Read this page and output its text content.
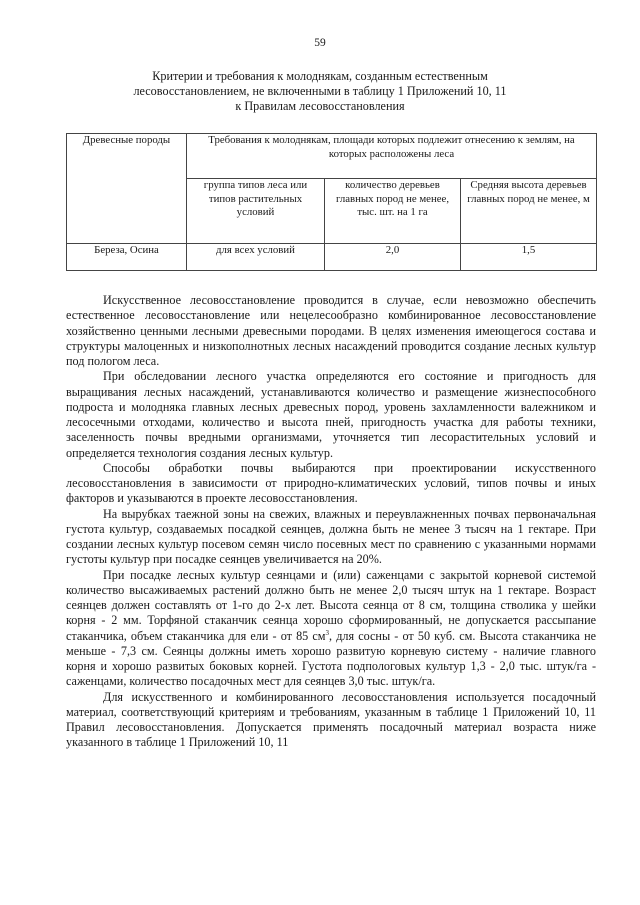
59
Критерии и требования к молоднякам, созданным естественным
лесовосстановлением, не включенными в таблицу 1 Приложений 10, 11
к Правилам лесовосстановления
Древесные породы	Требования к молоднякам, площади которых подлежит отнесению к землям, на которых расположены леса		
	группа типов леса или типов растительных условий	количество деревьев главных пород не менее, тыс. шт. на 1 га	Средняя высота деревьев главных пород не менее, м
Береза, Осина	для всех условий	2,0	1,5

Искусственное лесовосстановление проводится в случае, если невозможно обеспечить естественное лесовосстановление или нецелесообразно комбинированное лесовосстановление хозяйственно ценными лесными древесными породами. В целях изменения имеющегося состава и структуры малоценных и низкополнотных лесных насаждений проводится создание лесных культур под пологом леса.

При обследовании лесного участка определяются его состояние и пригодность для выращивания лесных насаждений, устанавливаются количество и размещение жизнеспособного подроста и молодняка главных лесных древесных пород, уровень захламленности валежником и лесосечными отходами, количество и высота пней, пригодность участка для работы техники, заселенность почвы вредными организмами, уточняется тип лесорастительных условий и определяется технология создания лесных культур.

Способы обработки почвы выбираются при проектировании искусственного лесовосстановления в зависимости от природно-климатических условий, типов почвы и иных факторов и указываются в проекте лесовосстановления.

На вырубках таежной зоны на свежих, влажных и переувлажненных почвах первоначальная густота культур, создаваемых посадкой сеянцев, должна быть не менее 3 тысяч на 1 гектаре. При создании лесных культур посевом семян число посевных мест по сравнению с указанными нормами густоты культур при посадке сеянцев увеличивается на 20%.

При посадке лесных культур сеянцами и (или) саженцами с закрытой корневой системой количество высаживаемых растений должно быть не менее 2,0 тысяч штук на 1 гектаре. Возраст сеянцев должен составлять от 1-го до 2-х лет. Высота сеянца от 8 см, толщина стволика у шейки корня - 2 мм. Торфяной стаканчик сеянца хорошо сформированный, не допускается рассыпание стаканчика, объем стаканчика для ели - от 85 $см^3$, для сосны - от 50 куб. см. Высота стаканчика не меньше - 7,3 см. Сеянцы должны иметь хорошо развитую корневую систему - наличие главного корня и хорошо развитых боковых корней. Густота подпологовых культур 1,3 - 2,0 тыс. штук/га - саженцами, количество посадочных мест для сеянцев 3,0 тыс. штук/га.

Для искусственного и комбинированного лесовосстановления используется посадочный материал, соответствующий критериям и требованиям, указанным в таблице 1 Приложений 10, 11 Правил лесовосстановления. Допускается применять посадочный материал возраста ниже указанного в таблице 1 Приложений 10, 11
